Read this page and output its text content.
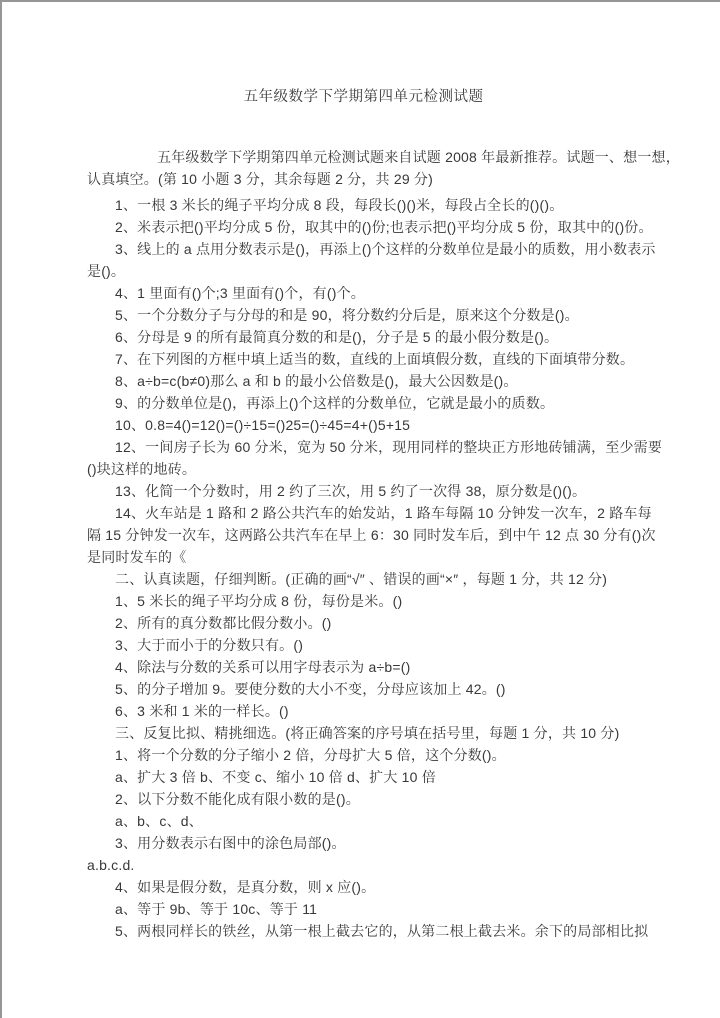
五年级数学下学期第四单元检测试题
五年级数学下学期第四单元检测试题来自试题 2008 年最新推荐。试题一、想一想，
认真填空。(第 10 小题 3 分，其余每题 2 分，共 29 分)
1、一根 3 米长的绳子平均分成 8 段，每段长()()米，每段占全长的()()。
2、米表示把()平均分成 5 份，取其中的()份;也表示把()平均分成 5 份，取其中的()份。
3、线上的 a 点用分数表示是()，再添上()个这样的分数单位是最小的质数，用小数表示
是()。
4、1 里面有()个;3 里面有()个，有()个。
5、一个分数分子与分母的和是 90，将分数约分后是，原来这个分数是()。
6、分母是 9 的所有最简真分数的和是()，分子是 5 的最小假分数是()。
7、在下列图的方框中填上适当的数，直线的上面填假分数，直线的下面填带分数。
8、a÷b=c(b≠0)那么 a 和 b 的最小公倍数是()，最大公因数是()。
9、的分数单位是()，再添上()个这样的分数单位，它就是最小的质数。
10、0.8=4()=12()=()÷15=()25=()÷45=4+()5+15
12、一间房子长为 60 分米，宽为 50 分米，现用同样的整块正方形地砖铺满，至少需要
()块这样的地砖。
13、化简一个分数时，用 2 约了三次，用 5 约了一次得 38，原分数是()()。
14、火车站是 1 路和 2 路公共汽车的始发站，1 路车每隔 10 分钟发一次车，2 路车每
隔 15 分钟发一次车，这两路公共汽车在早上 6：30 同时发车后，到中午 12 点 30 分有()次
是同时发车的《
二、认真读题，仔细判断。(正确的画“√″ 、错误的画“×″ ，每题 1 分，共 12 分)
1、5 米长的绳子平均分成 8 份，每份是米。()
2、所有的真分数都比假分数小。()
3、大于而小于的分数只有。()
4、除法与分数的关系可以用字母表示为 a÷b=()
5、的分子增加 9。要使分数的大小不变，分母应该加上 42。()
6、3 米和 1 米的一样长。()
三、反复比拟、精挑细选。(将正确答案的序号填在括号里，每题 1 分，共 10 分)
1、将一个分数的分子缩小 2 倍，分母扩大 5 倍，这个分数()。
a、扩大 3 倍 b、不变 c、缩小 10 倍 d、扩大 10 倍
2、以下分数不能化成有限小数的是()。
a、b、c、d、
3、用分数表示右图中的涂色局部()。
a.b.c.d.
4、如果是假分数，是真分数，则 x 应()。
a、等于 9b、等于 10c、等于 11
5、两根同样长的铁丝，从第一根上截去它的，从第二根上截去米。余下的局部相比拟
